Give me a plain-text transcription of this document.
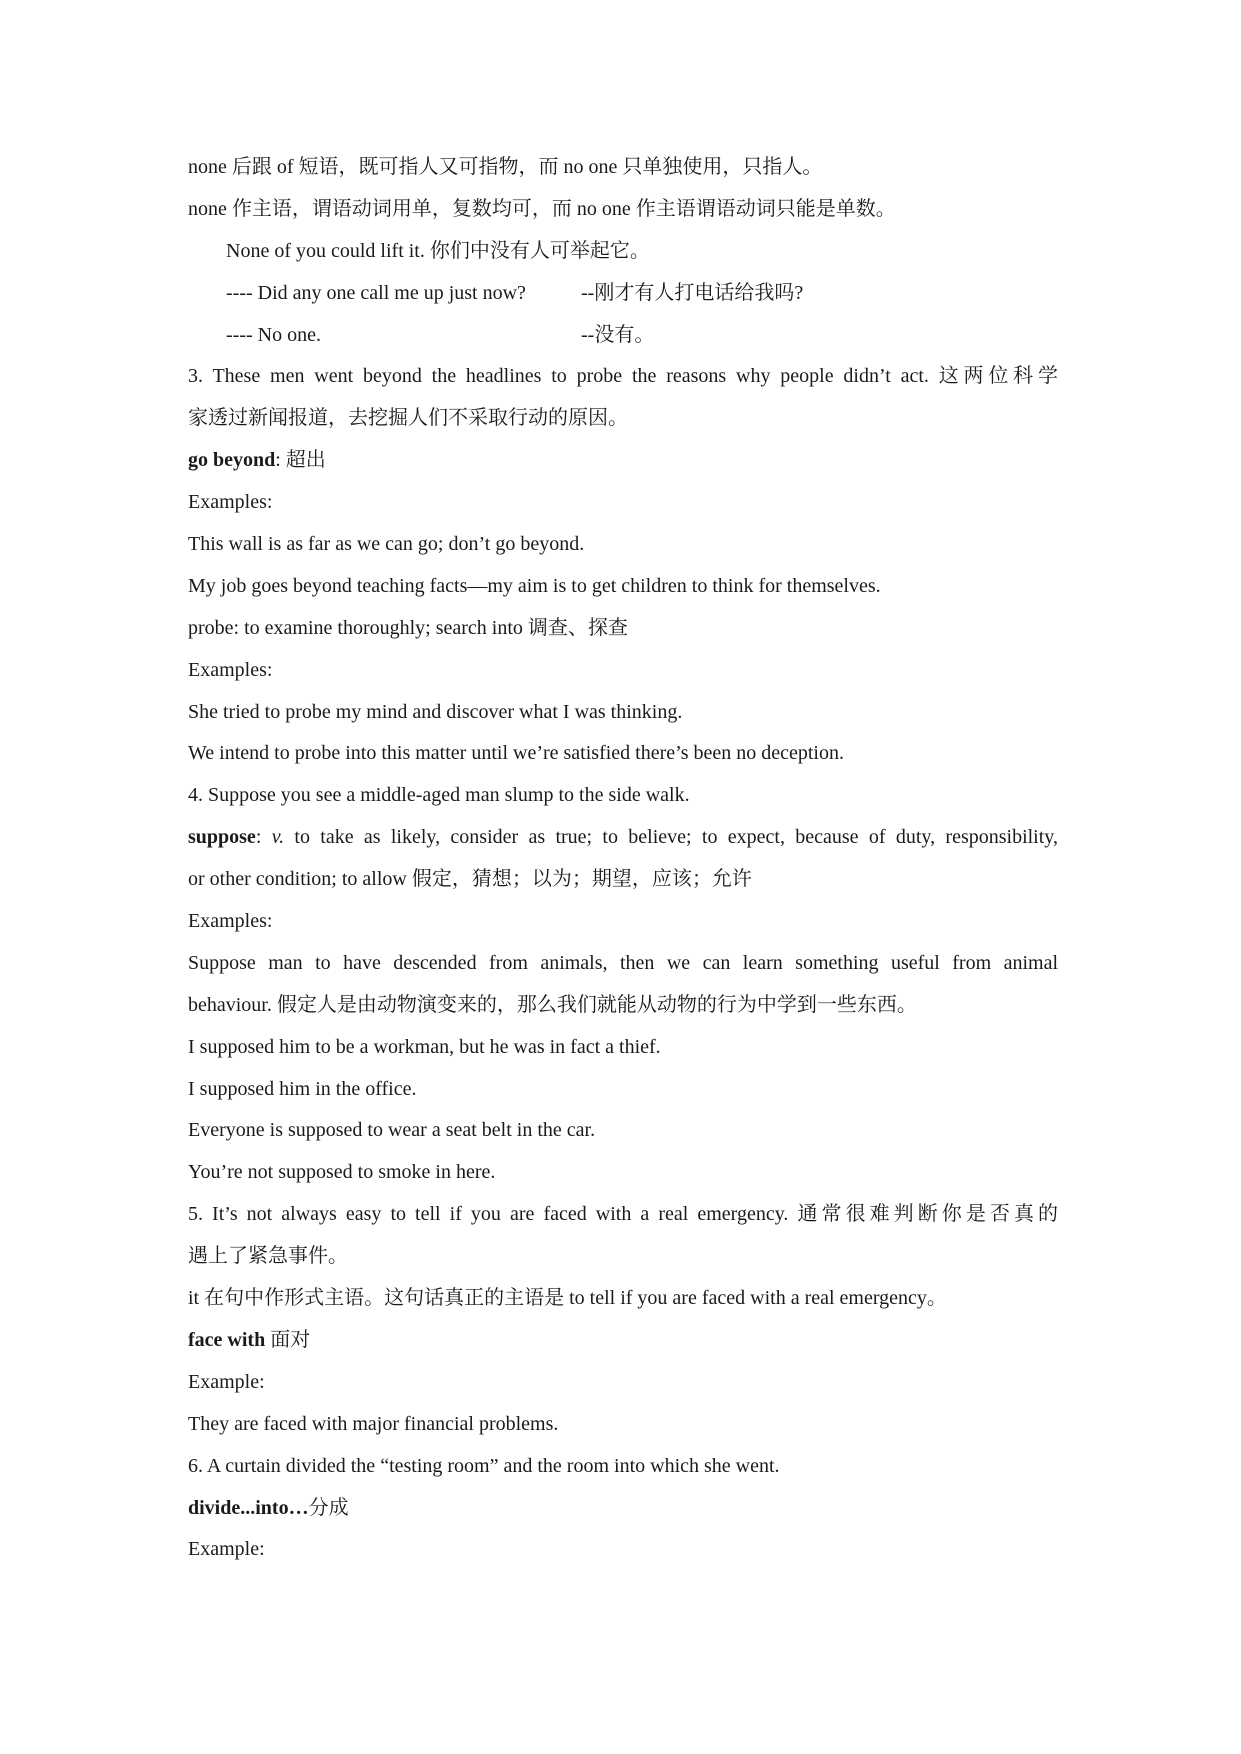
none 后跟 of 短语，既可指人又可指物，而 no one 只单独使用，只指人。
none 作主语，谓语动词用单，复数均可，而 no one 作主语谓语动词只能是单数。
None of you could lift it. 你们中没有人可举起它。
---- Did any one call me up just now?	--刚才有人打电话给我吗?
---- No one.	--没有。
3. These men went beyond the headlines to probe the reasons why people didn’t act. 这两位科学
家透过新闻报道，去挖掘人们不采取行动的原因。
go beyond: 超出
Examples:
This wall is as far as we can go; don’t go beyond.
My job goes beyond teaching facts—my aim is to get children to think for themselves.
probe: to examine thoroughly; search into 调查、探查
Examples:
She tried to probe my mind and discover what I was thinking.
We intend to probe into this matter until we’re satisfied there’s been no deception.
4. Suppose you see a middle-aged man slump to the side walk.
suppose: v. to take as likely, consider as true; to believe; to expect, because of duty, responsibility,
or other condition; to allow 假定，猜想；以为；期望，应该；允许
Examples:
Suppose man to have descended from animals, then we can learn something useful from animal
behaviour. 假定人是由动物演变来的，那么我们就能从动物的行为中学到一些东西。
I supposed him to be a workman, but he was in fact a thief.
I supposed him in the office.
Everyone is supposed to wear a seat belt in the car.
You’re not supposed to smoke in here.
5. It’s not always easy to tell if you are faced with a real emergency. 通常很难判断你是否真的
遇上了紧急事件。
it 在句中作形式主语。这句话真正的主语是 to tell if you are faced with a real emergency。
face with 面对
Example:
They are faced with major financial problems.
6. A curtain divided the “testing room” and the room into which she went.
divide...into…分成
Example:
